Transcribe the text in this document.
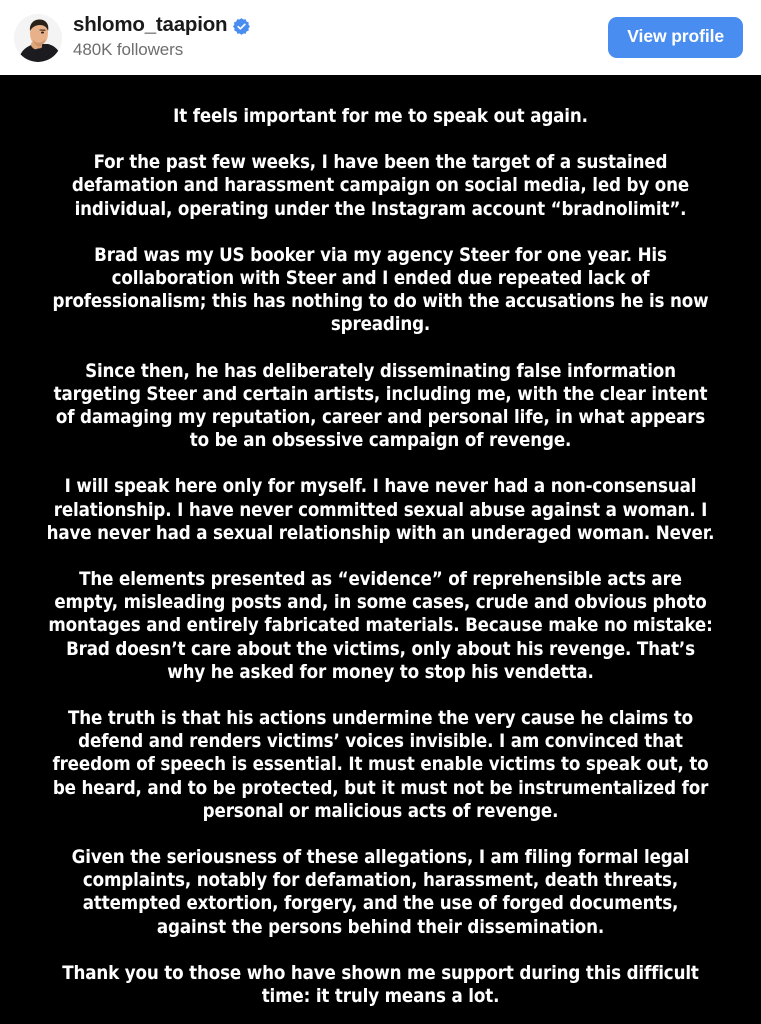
shlomo_taapion
480K followers
View profile

It feels important for me to speak out again.

For the past few weeks, I have been the target of a sustained defamation and harassment campaign on social media, led by one individual, operating under the Instagram account “bradnolimit”.

Brad was my US booker via my agency Steer for one year. His collaboration with Steer and I ended due repeated lack of professionalism; this has nothing to do with the accusations he is now spreading.

Since then, he has deliberately disseminating false information targeting Steer and certain artists, including me, with the clear intent of damaging my reputation, career and personal life, in what appears to be an obsessive campaign of revenge.

I will speak here only for myself. I have never had a non-consensual relationship. I have never committed sexual abuse against a woman. I have never had a sexual relationship with an underaged woman. Never.

The elements presented as “evidence” of reprehensible acts are empty, misleading posts and, in some cases, crude and obvious photo montages and entirely fabricated materials. Because make no mistake: Brad doesn’t care about the victims, only about his revenge. That’s why he asked for money to stop his vendetta.

The truth is that his actions undermine the very cause he claims to defend and renders victims’ voices invisible. I am convinced that freedom of speech is essential. It must enable victims to speak out, to be heard, and to be protected, but it must not be instrumentalized for personal or malicious acts of revenge.

Given the seriousness of these allegations, I am filing formal legal complaints, notably for defamation, harassment, death threats, attempted extortion, forgery, and the use of forged documents, against the persons behind their dissemination.

Thank you to those who have shown me support during this difficult time: it truly means a lot.
